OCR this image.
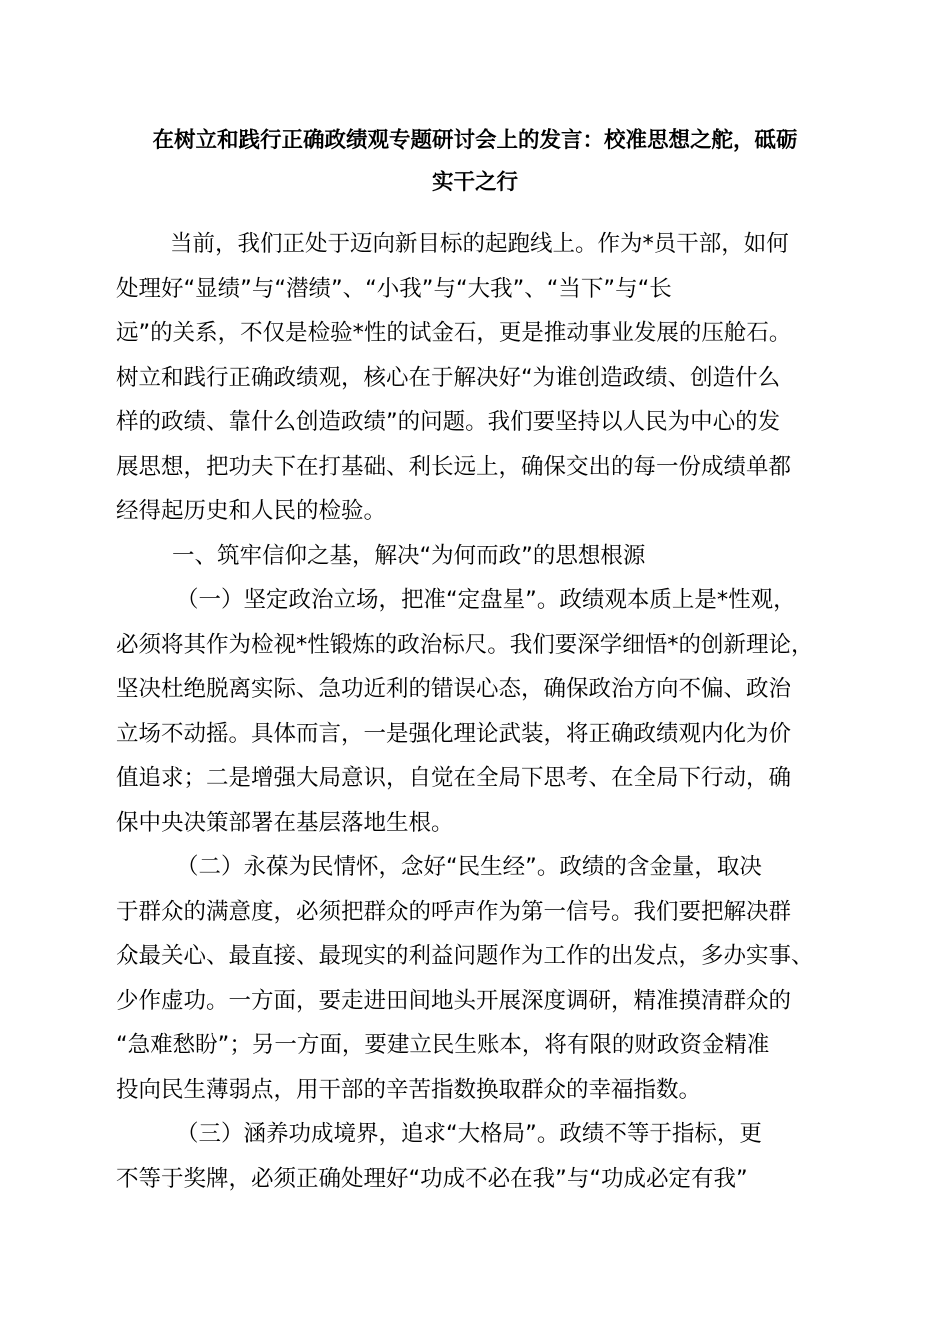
在树立和践行正确政绩观专题研讨会上的发言：校准思想之舵，砥砺
实干之行
当前，我们正处于迈向新目标的起跑线上。作为*员干部，如何
处理好“显绩”与“潜绩”、“小我”与“大我”、“当下”与“长
远”的关系，不仅是检验*性的试金石，更是推动事业发展的压舱石。
树立和践行正确政绩观，核心在于解决好“为谁创造政绩、创造什么
样的政绩、靠什么创造政绩”的问题。我们要坚持以人民为中心的发
展思想，把功夫下在打基础、利长远上，确保交出的每一份成绩单都
经得起历史和人民的检验。
一、筑牢信仰之基，解决“为何而政”的思想根源
（一）坚定政治立场，把准“定盘星”。政绩观本质上是*性观，
必须将其作为检视*性锻炼的政治标尺。我们要深学细悟*的创新理论，
坚决杜绝脱离实际、急功近利的错误心态，确保政治方向不偏、政治
立场不动摇。具体而言，一是强化理论武装，将正确政绩观内化为价
值追求；二是增强大局意识，自觉在全局下思考、在全局下行动，确
保中央决策部署在基层落地生根。
（二）永葆为民情怀，念好“民生经”。政绩的含金量，取决
于群众的满意度，必须把群众的呼声作为第一信号。我们要把解决群
众最关心、最直接、最现实的利益问题作为工作的出发点，多办实事、
少作虚功。一方面，要走进田间地头开展深度调研，精准摸清群众的
“急难愁盼”；另一方面，要建立民生账本，将有限的财政资金精准
投向民生薄弱点，用干部的辛苦指数换取群众的幸福指数。
（三）涵养功成境界，追求“大格局”。政绩不等于指标，更
不等于奖牌，必须正确处理好“功成不必在我”与“功成必定有我”
